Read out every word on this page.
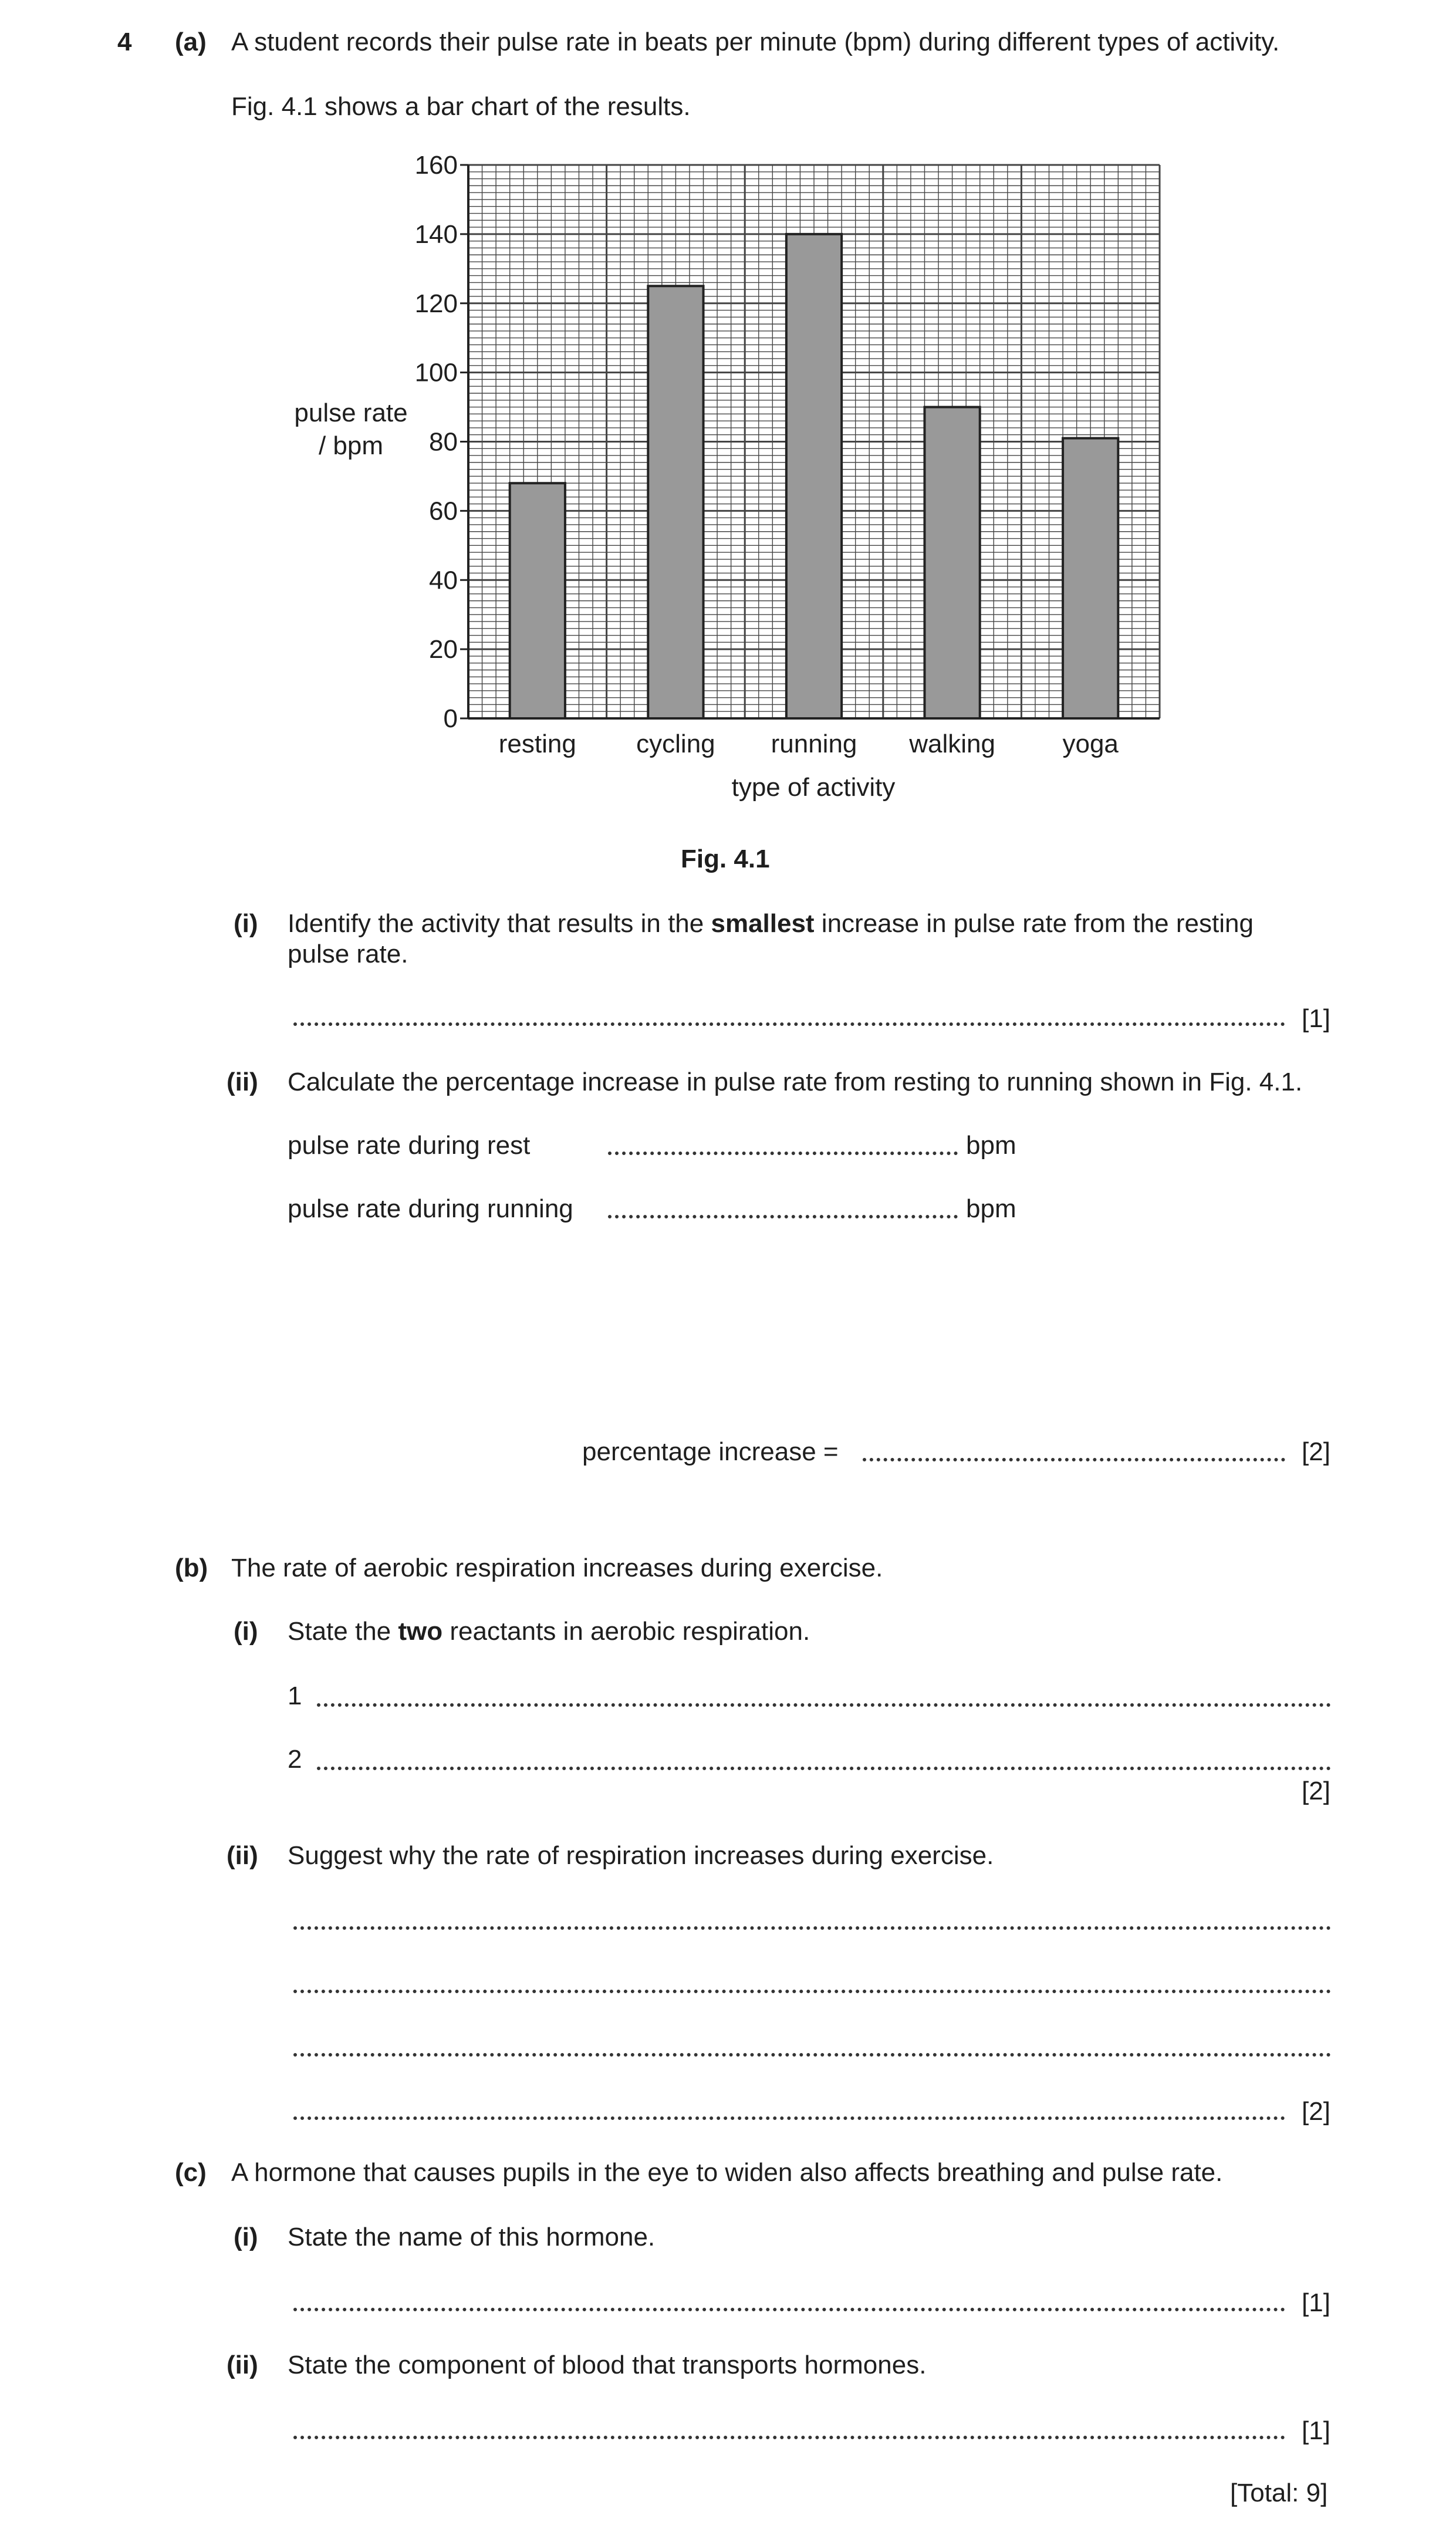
4 (a) A student records their pulse rate in beats per minute (bpm) during different types of activity.
Fig. 4.1 shows a bar chart of the results.
0
20
40
60
80
100
120
140
160
resting cycling running walking	yoga
pulse rate
/ bpm
type of activity
Fig. 4.1
(i) Identify the activity that results in the smallest increase in pulse rate from the resting
pulse rate.
[1]
(ii) Calculate the percentage increase in pulse rate from resting to running shown in Fig. 4.1.
pulse rate during rest	bpm
pulse rate during running	bpm
percentage increase =	[2]
(b) The rate of aerobic respiration increases during exercise.
(i) State the two reactants in aerobic respiration.
1
2
[2]
(ii) Suggest why the rate of respiration increases during exercise.
[2]
(c) A hormone that causes pupils in the eye to widen also affects breathing and pulse rate.
(i) State the name of this hormone.
[1]
(ii) State the component of blood that transports hormones.
[1]
[Total: 9]
